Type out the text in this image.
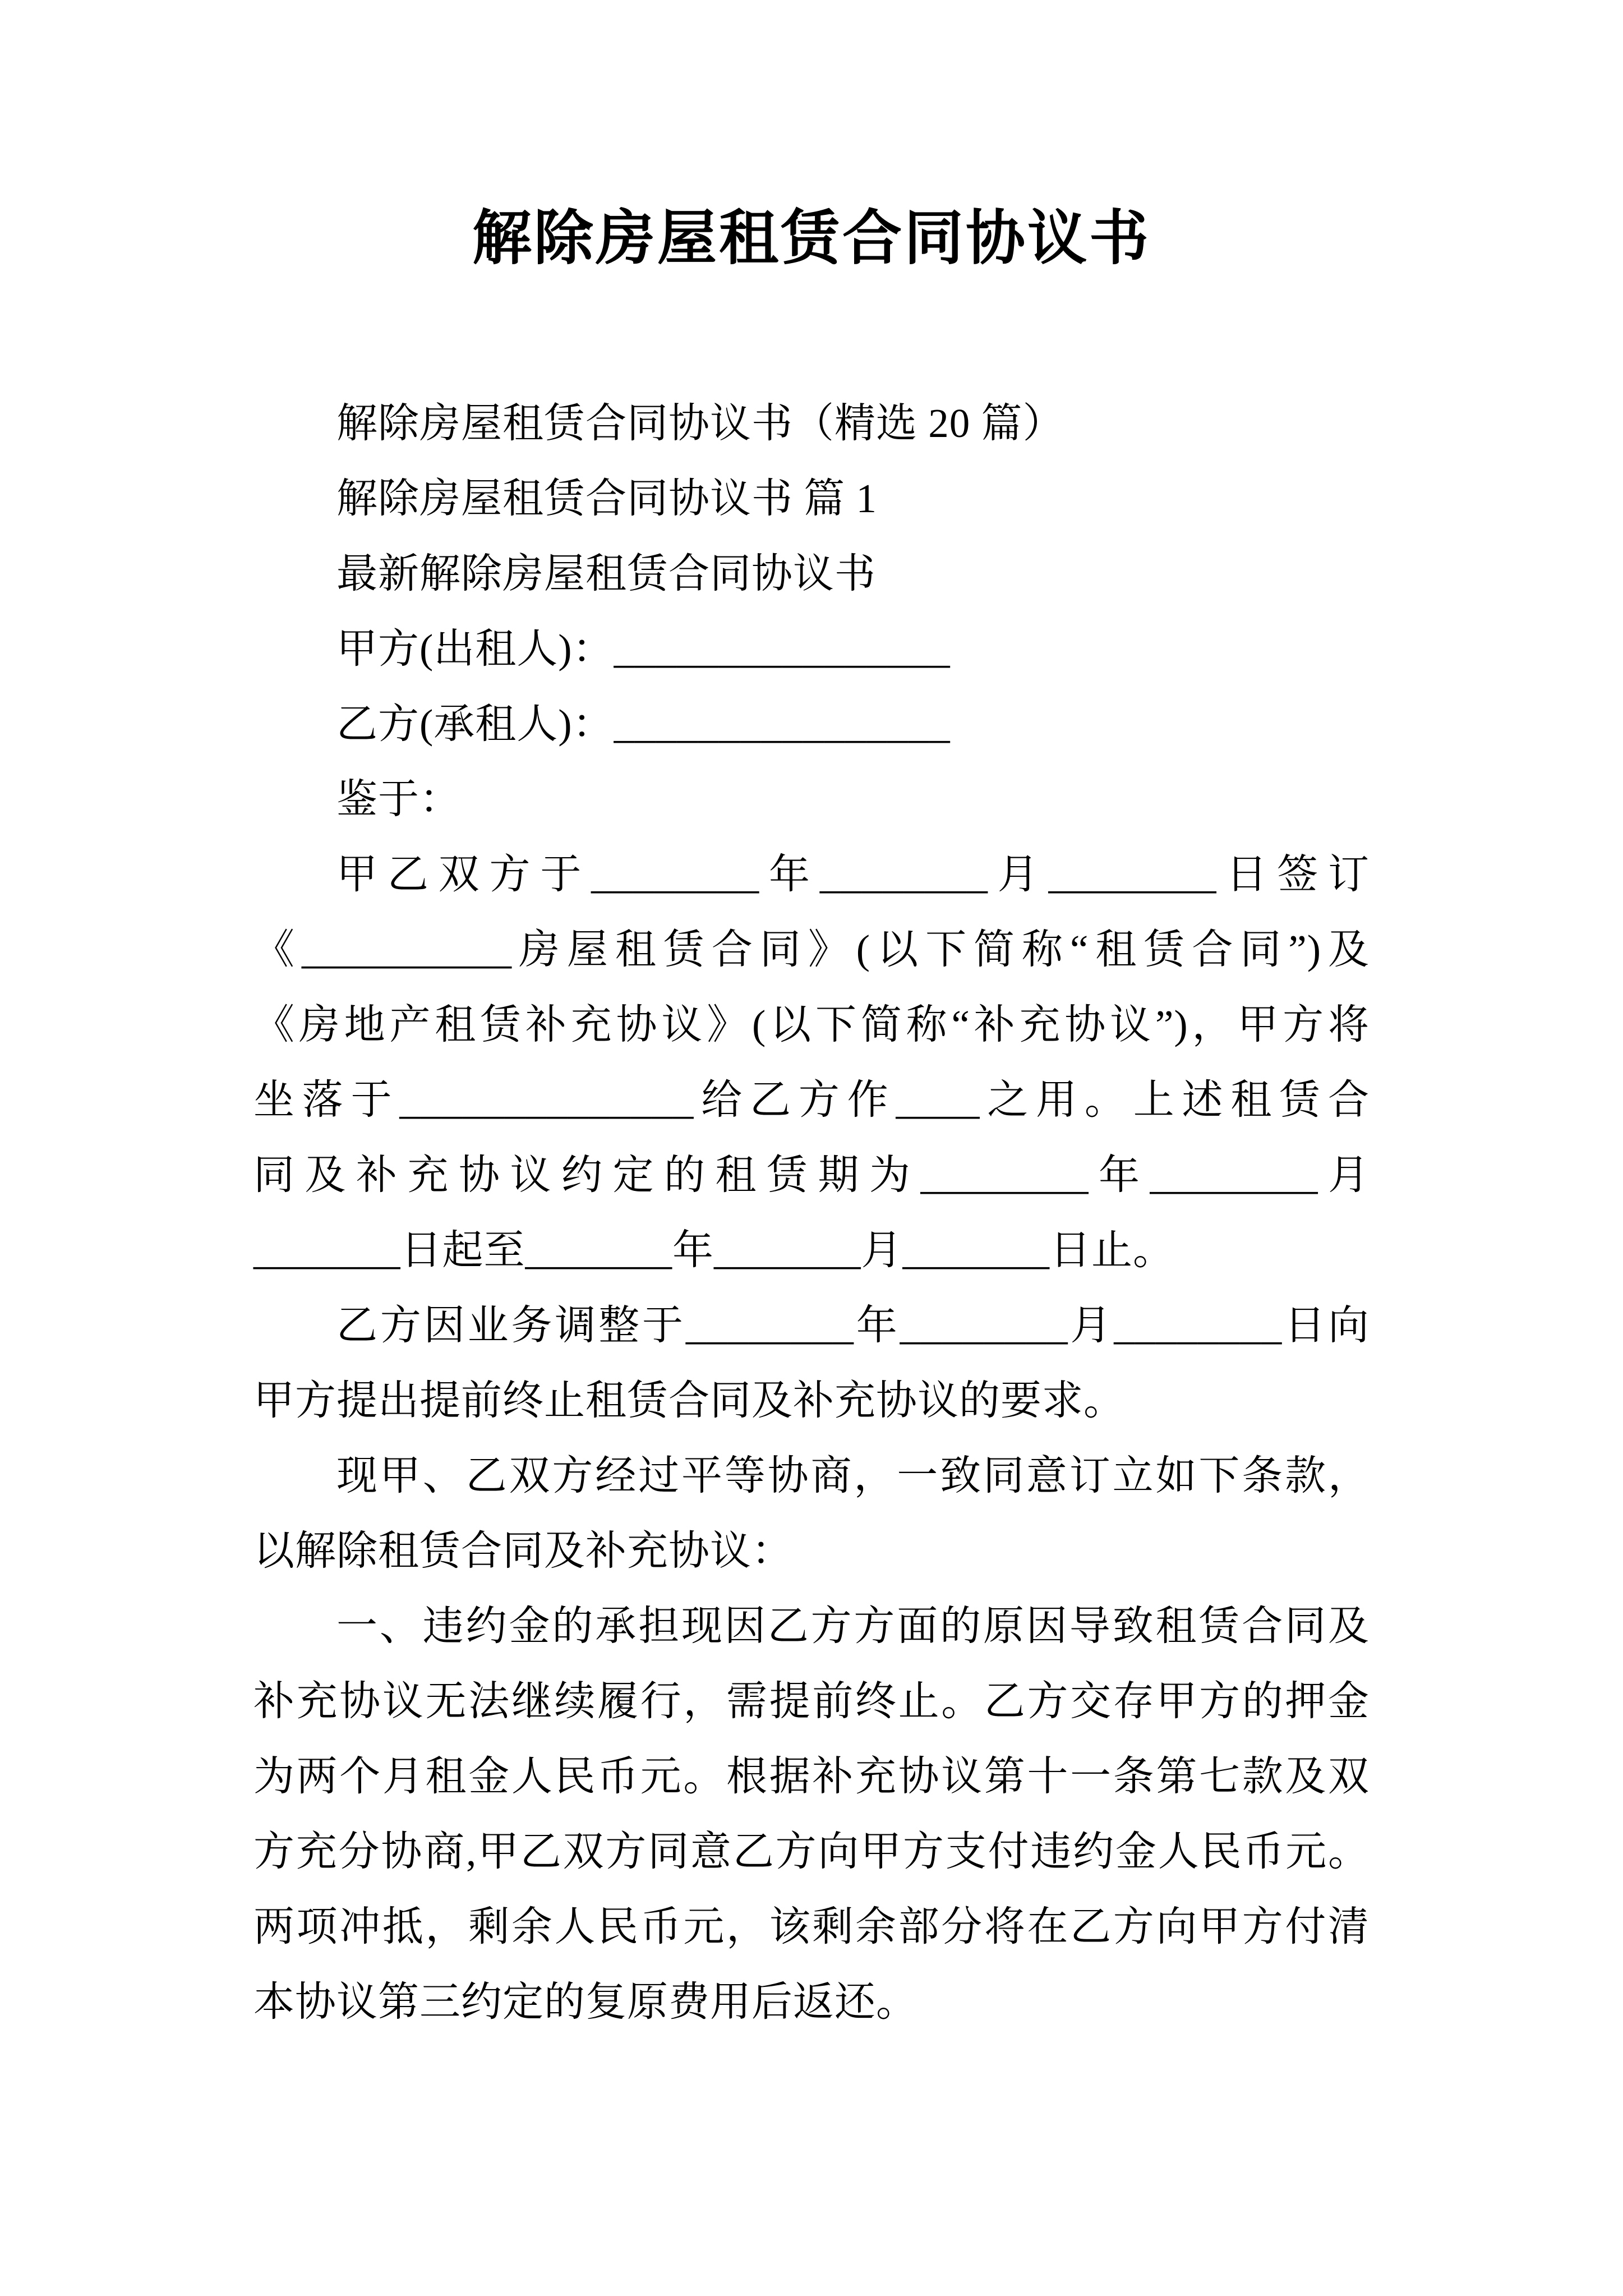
解除房屋租赁合同协议书
解除房屋租赁合同协议书（精选 20 篇）
解除房屋租赁合同协议书 篇 1
最新解除房屋租赁合同协议书
甲方(出租人)：________________
乙方(承租人)：________________
鉴于：
甲乙双方于________年________月________日签订
《__________房屋租赁合同》(以下简称“租赁合同”)及
《房地产租赁补充协议》(以下简称“补充协议”)，甲方将
坐落于______________给乙方作____之用。上述租赁合
同及补充协议约定的租赁期为________年________月
_______日起至_______年_______月_______日止。
乙方因业务调整于________年________月________日向
甲方提出提前终止租赁合同及补充协议的要求。
现甲、乙双方经过平等协商，一致同意订立如下条款，
以解除租赁合同及补充协议：
一、违约金的承担现因乙方方面的原因导致租赁合同及
补充协议无法继续履行，需提前终止。乙方交存甲方的押金
为两个月租金人民币元。根据补充协议第十一条第七款及双
方充分协商,甲乙双方同意乙方向甲方支付违约金人民币元。
两项冲抵，剩余人民币元，该剩余部分将在乙方向甲方付清
本协议第三约定的复原费用后返还。
